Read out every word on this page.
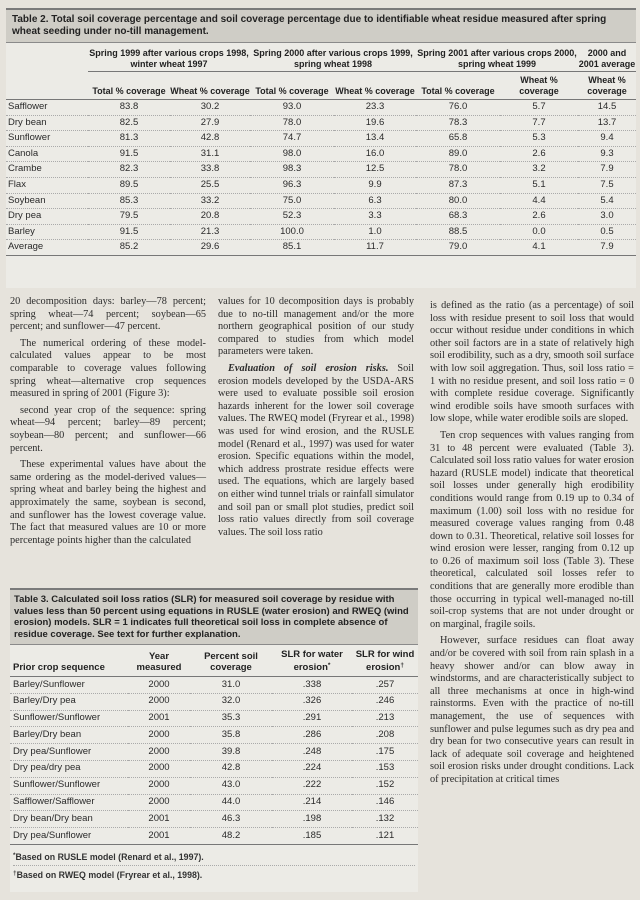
Table 2. Total soil coverage percentage and soil coverage percentage due to identifiable wheat residue measured after spring wheat seeding under no-till management.
	Spring 1999 after various crops 1998, winter wheat 1997		Spring 2000 after various crops 1999, spring wheat 1998		Spring 2001 after various crops 2000, spring wheat 1999		2000 and 2001 average
	Total % coverage	Wheat % coverage	Total % coverage	Wheat % coverage	Total % coverage	Wheat % coverage	Wheat % coverage
Safflower	83.8	30.2	93.0	23.3	76.0	5.7	14.5
Dry bean	82.5	27.9	78.0	19.6	78.3	7.7	13.7
Sunflower	81.3	42.8	74.7	13.4	65.8	5.3	9.4
Canola	91.5	31.1	98.0	16.0	89.0	2.6	9.3
Crambe	82.3	33.8	98.3	12.5	78.0	3.2	7.9
Flax	89.5	25.5	96.3	9.9	87.3	5.1	7.5
Soybean	85.3	33.2	75.0	6.3	80.0	4.4	5.4
Dry pea	79.5	20.8	52.3	3.3	68.3	2.6	3.0
Barley	91.5	21.3	100.0	1.0	88.5	0.0	0.5
Average	85.2	29.6	85.1	11.7	79.0	4.1	7.9

20 decomposition days: barley—78 percent; spring wheat—74 percent; soybean—65 percent; and sunflower—47 percent.

The numerical ordering of these model-calculated values appear to be most comparable to coverage values following spring wheat—alternative crop sequences measured in spring of 2001 (Figure 3):

second year crop of the sequence: spring wheat—94 percent; barley—89 percent; soybean—80 percent; and sunflower—66 percent.

These experimental values have about the same ordering as the model-derived values—spring wheat and barley being the highest and approximately the same, soybean is second, and sunflower has the lowest coverage value. The fact that measured values are 10 or more percentage points higher than the calculated

values for 10 decomposition days is probably due to no-till management and/or the more northern geographical position of our study compared to studies from which model parameters were taken.

Evaluation of soil erosion risks. Soil erosion models developed by the USDA-ARS were used to evaluate possible soil erosion hazards inherent for the lower soil coverage values. The RWEQ model (Fryrear et al., 1998) was used for wind erosion, and the RUSLE model (Renard et al., 1997) was used for water erosion. Specific equations within the model, which address prostrate residue effects were used. The equations, which are largely based on either wind tunnel trials or rainfall simulator and soil pan or small plot studies, predict soil loss ratio values directly from soil coverage values. The soil loss ratio

is defined as the ratio (as a percentage) of soil loss with residue present to soil loss that would occur without residue under conditions in which other soil factors are in a state of relatively high soil erodibility, such as a dry, smooth soil surface with low soil aggregation. Thus, soil loss ratio = 1 with no residue present, and soil loss ratio = 0 with complete residue coverage. Significantly wind erodible soils have smooth surfaces with low slope, while water erodible soils are sloped.

Ten crop sequences with values ranging from 31 to 48 percent were evaluated (Table 3). Calculated soil loss ratio values for water erosion hazard (RUSLE model) indicate that theoretical soil losses under generally high erodibility conditions would range from 0.19 up to 0.34 of maximum (1.00) soil loss with no residue for measured coverage values ranging from 0.48 down to 0.31. Theoretical, relative soil losses for wind erosion were lesser, ranging from 0.12 up to 0.26 of maximum soil loss (Table 3). These theoretical, calculated soil losses refer to conditions that are generally more erodible than those occurring in typical well-managed no-till soil-crop systems that are not under drought or on marginal, fragile soils.

However, surface residues can float away and/or be covered with soil from rain splash in a heavy shower and/or can blow away in windstorms, and are characteristically subject to all three mechanisms at once in high-wind rainstorms. Even with the practice of no-till management, the use of sequences with sunflower and pulse legumes such as dry pea and dry bean for two consecutive years can result in lack of adequate soil coverage and heightened soil erosion risks under drought conditions. Lack of precipitation at critical times

Table 3. Calculated soil loss ratios (SLR) for measured soil coverage by residue with values less than 50 percent using equations in RUSLE (water erosion) and RWEQ (wind erosion) models. SLR = 1 indicates full theoretical soil loss in complete absence of residue coverage. See text for further explanation.
Prior crop sequence	Year measured	Percent soil coverage	SLR for water erosion*	SLR for wind erosion†
Barley/Sunflower	2000	31.0	.338	.257
Barley/Dry pea	2000	32.0	.326	.246
Sunflower/Sunflower	2001	35.3	.291	.213
Barley/Dry bean	2000	35.8	.286	.208
Dry pea/Sunflower	2000	39.8	.248	.175
Dry pea/dry pea	2000	42.8	.224	.153
Sunflower/Sunflower	2000	43.0	.222	.152
Safflower/Safflower	2000	44.0	.214	.146
Dry bean/Dry bean	2001	46.3	.198	.132
Dry pea/Sunflower	2001	48.2	.185	.121
*Based on RUSLE model (Renard et al., 1997).
†Based on RWEQ model (Fryrear et al., 1998).
